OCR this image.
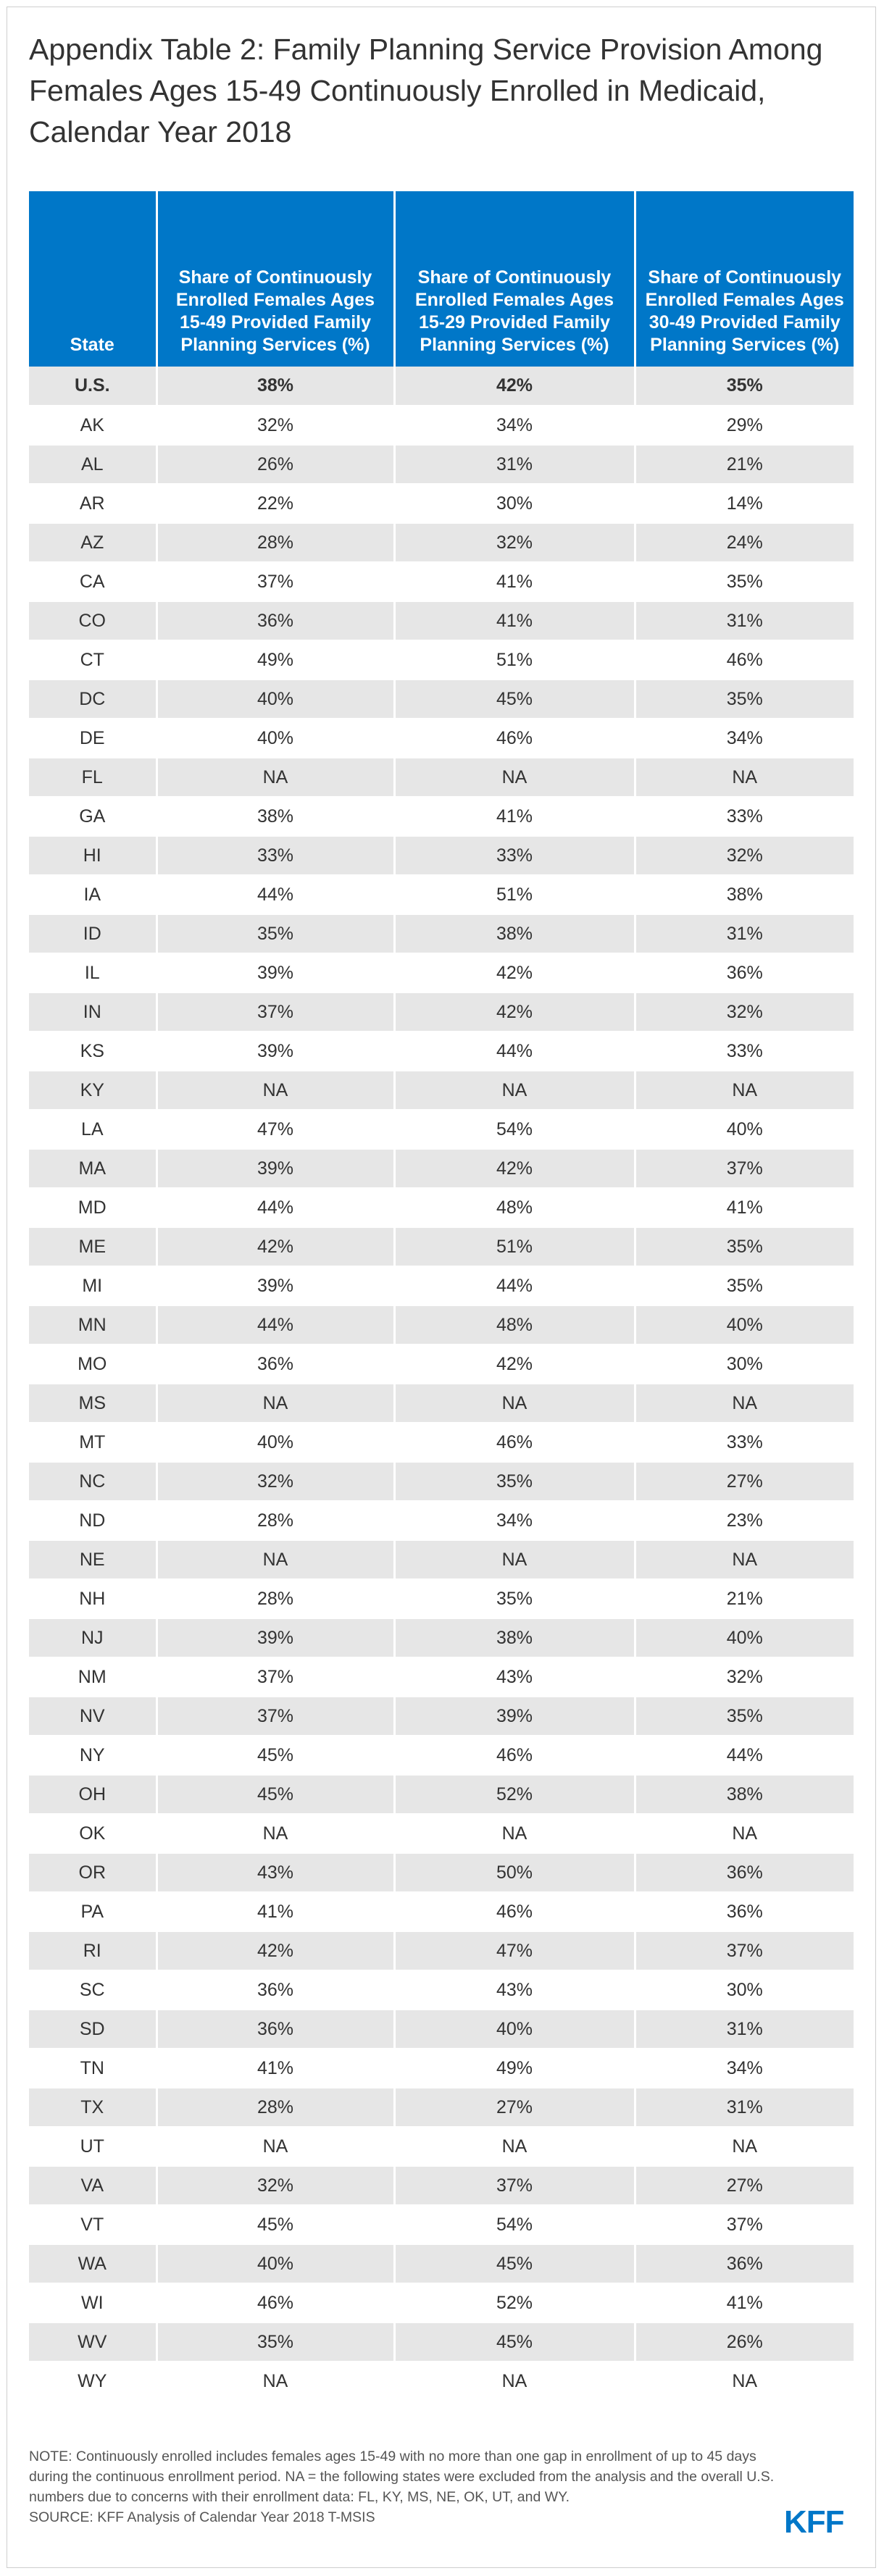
Appendix Table 2: Family Planning Service Provision Among Females Ages 15-49 Continuously Enrolled in Medicaid, Calendar Year 2018
State	Share of Continuously Enrolled Females Ages 15-49 Provided Family Planning Services (%)	Share of Continuously Enrolled Females Ages 15-29 Provided Family Planning Services (%)	Share of Continuously Enrolled Females Ages 30-49 Provided Family Planning Services (%)
U.S.	38%	42%	35%
AK	32%	34%	29%
AL	26%	31%	21%
AR	22%	30%	14%
AZ	28%	32%	24%
CA	37%	41%	35%
CO	36%	41%	31%
CT	49%	51%	46%
DC	40%	45%	35%
DE	40%	46%	34%
FL	NA	NA	NA
GA	38%	41%	33%
HI	33%	33%	32%
IA	44%	51%	38%
ID	35%	38%	31%
IL	39%	42%	36%
IN	37%	42%	32%
KS	39%	44%	33%
KY	NA	NA	NA
LA	47%	54%	40%
MA	39%	42%	37%
MD	44%	48%	41%
ME	42%	51%	35%
MI	39%	44%	35%
MN	44%	48%	40%
MO	36%	42%	30%
MS	NA	NA	NA
MT	40%	46%	33%
NC	32%	35%	27%
ND	28%	34%	23%
NE	NA	NA	NA
NH	28%	35%	21%
NJ	39%	38%	40%
NM	37%	43%	32%
NV	37%	39%	35%
NY	45%	46%	44%
OH	45%	52%	38%
OK	NA	NA	NA
OR	43%	50%	36%
PA	41%	46%	36%
RI	42%	47%	37%
SC	36%	43%	30%
SD	36%	40%	31%
TN	41%	49%	34%
TX	28%	27%	31%
UT	NA	NA	NA
VA	32%	37%	27%
VT	45%	54%	37%
WA	40%	45%	36%
WI	46%	52%	41%
WV	35%	45%	26%
WY	NA	NA	NA

NOTE: Continuously enrolled includes females ages 15-49 with no more than one gap in enrollment of up to 45 days during the continuous enrollment period. NA = the following states were excluded from the analysis and the overall U.S. numbers due to concerns with their enrollment data: FL, KY, MS, NE, OK, UT, and WY.

SOURCE: KFF Analysis of Calendar Year 2018 T-MSIS	KFF
